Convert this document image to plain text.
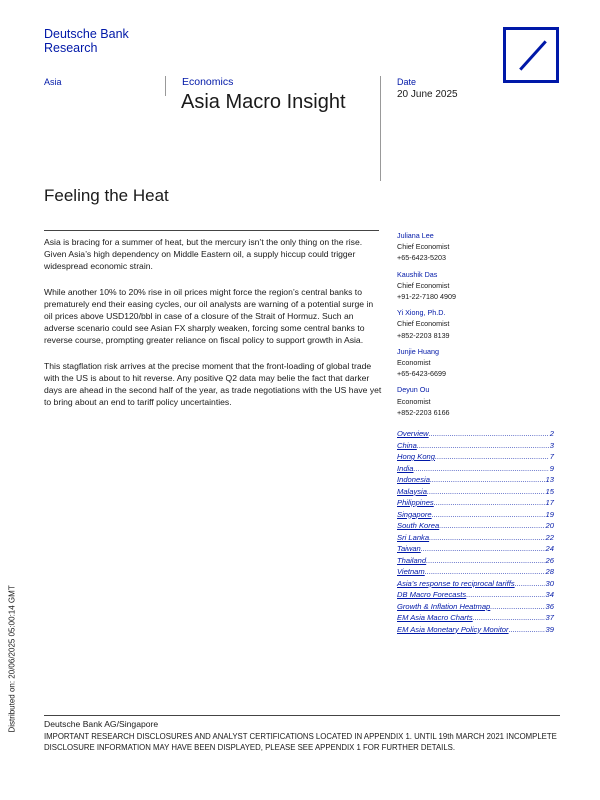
Deutsche Bank
Research
Asia	Economics
Asia Macro Insight
Date
20 June 2025
Feeling the Heat

Asia is bracing for a summer of heat, but the mercury isn’t the only thing on the rise. Given Asia’s high dependency on Middle Eastern oil, a supply hiccup could trigger widespread economic strain.

While another 10% to 20% rise in oil prices might force the region’s central banks to prematurely end their easing cycles, our oil analysts are warning of a potential surge in oil prices above USD120/bbl in case of a closure of the Strait of Hormuz. Such an adverse scenario could see Asian FX sharply weaken, forcing some central banks to reverse course, prompting greater reliance on fiscal policy to support growth in Asia.

This stagflation risk arrives at the precise moment that the front-loading of global trade with the US is about to hit reverse. Any positive Q2 data may belie the fact that darker days are ahead in the second half of the year, as trade negotiations with the US have yet to bring about an end to tariff policy uncertainties.

Juliana Lee
Chief Economist
+65-6423-5203
Kaushik Das
Chief Economist
+91-22-7180 4909
Yi Xiong, Ph.D.
Chief Economist
+852-2203 8139
Junjie Huang
Economist
+65-6423-6699
Deyun Ou
Economist
+852-2203 6166
Overview .....	2
China .....	3
Hong Kong .....	7
India .....	9
Indonesia .....	13
Malaysia .....	15
Philippines .....	17
Singapore .....	19
South Korea .....	20
Sri Lanka .....	22
Taiwan .....	24
Thailand .....	26
Vietnam .....	28
Asia’s response to reciprocal tariffs .....	30
DB Macro Forecasts .....	34
Growth & Inflation Heatmap .....	36
EM Asia Macro Charts .....	37
EM Asia Monetary Policy Monitor .....	39
Deutsche Bank AG/Singapore
IMPORTANT RESEARCH DISCLOSURES AND ANALYST CERTIFICATIONS LOCATED IN APPENDIX 1. UNTIL 19th MARCH 2021 INCOMPLETE DISCLOSURE INFORMATION MAY HAVE BEEN DISPLAYED, PLEASE SEE APPENDIX 1 FOR FURTHER DETAILS.
Distributed on: 20/06/2025 05:00:14 GMT
